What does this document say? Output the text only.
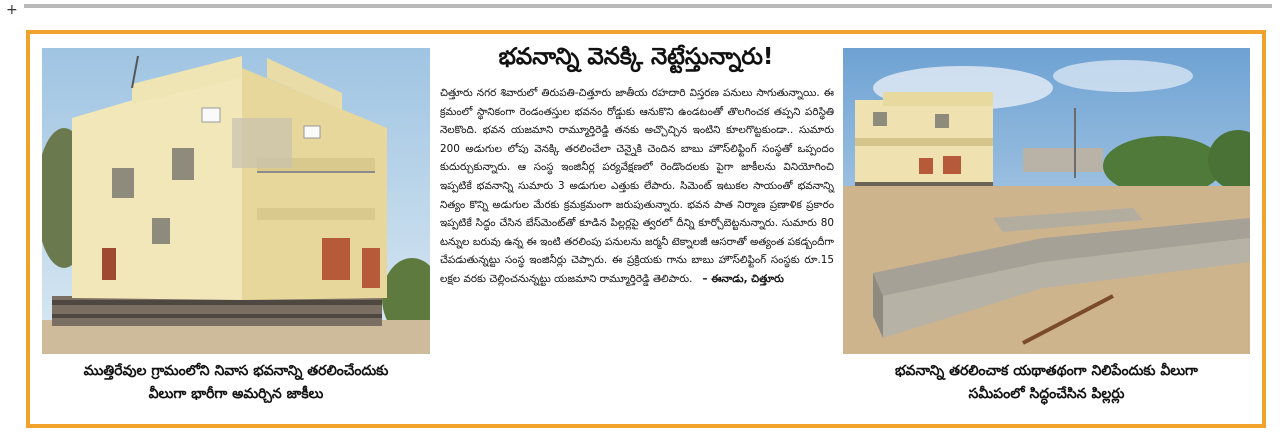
+
ముత్తిరేవుల గ్రామంలోని నివాస భవనాన్ని తరలించేందుకు
వీలుగా భారీగా అమర్చిన జాకీలు
భవనాన్ని వెనక్కి నెట్టేస్తున్నారు!

చిత్తూరు నగర శివారులో తిరుపతి-చిత్తూరు జాతీయ రహదారి విస్తరణ పనులు సాగుతున్నాయి. ఈ క్రమంలో స్థానికంగా రెండంతస్తుల భవనం రోడ్డుకు ఆనుకొని ఉండటంతో తొలగించక తప్పని పరిస్థితి నెలకొంది. భవన యజమాని రామ్మూర్తిరెడ్డి తనకు అచ్చొచ్చిన ఇంటిని కూలగొట్టకుండా.. సుమారు 200 అడుగుల లోపు వెనక్కి తరలించేలా చెన్నైకి చెందిన బాబు హౌస్‌లిఫ్టింగ్ సంస్థతో ఒప్పందం కుదుర్చుకున్నారు. ఆ సంస్థ ఇంజినీర్ల పర్యవేక్షణలో రెండొందలకు పైగా జాకీలను వినియోగించి ఇప్పటికే భవనాన్ని సుమారు 3 అడుగుల ఎత్తుకు లేపారు. సిమెంట్ ఇటుకల సాయంతో భవనాన్ని నిత్యం కొన్ని అడుగుల మేరకు క్రమక్రమంగా జరుపుతున్నారు. భవన పాత నిర్మాణ ప్రణాళిక ప్రకారం ఇప్పటికే సిద్ధం చేసిన బేస్‌మెంట్‌తో కూడిన పిల్లర్లపై త్వరలో దీన్ని కూర్చోబెట్టనున్నారు. సుమారు 80 టన్నుల బరువు ఉన్న ఈ ఇంటి తరలింపు పనులను జర్మనీ టెక్నాలజీ ఆసరాతో అత్యంత పకడ్బందీగా చేపడుతున్నట్టు సంస్థ ఇంజినీర్లు చెప్పారు. ఈ ప్రక్రియకు గాను బాబు హౌస్‌లిఫ్టింగ్ సంస్థకు రూ.15 లక్షల వరకు చెల్లించనున్నట్టు యజమాని రామ్మూర్తిరెడ్డి తెలిపారు. – ఈనాడు, చిత్తూరు

భవనాన్ని తరలించాక యథాతథంగా నిలిపేందుకు వీలుగా
సమీపంలో సిద్ధంచేసిన పిల్లర్లు
